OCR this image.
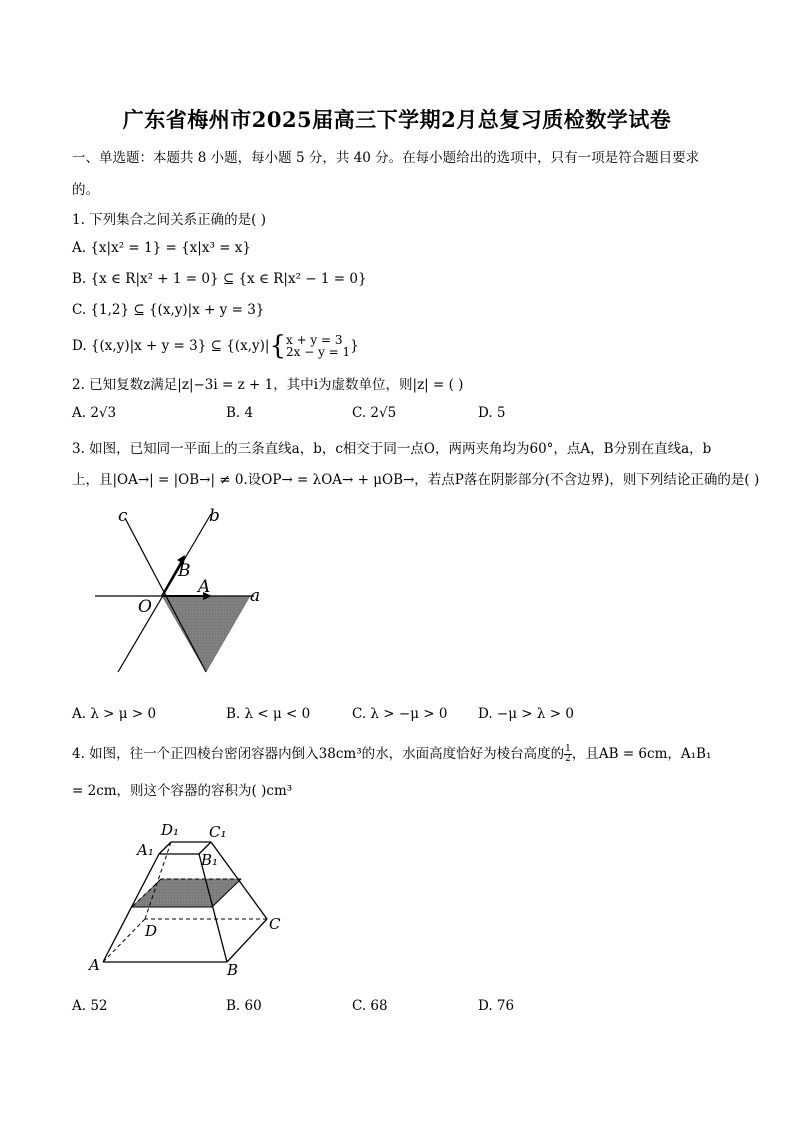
广东省梅州市2025届高三下学期2月总复习质检数学试卷
一、单选题：本题共 8 小题，每小题 5 分，共 40 分。在每小题给出的选项中，只有一项是符合题目要求
的。
1. 下列集合之间关系正确的是( )
A. {x|x² = 1} = {x|x³ = x}
B. {x ∈ R|x² + 1 = 0} ⊆ {x ∈ R|x² − 1 = 0}
C. {1,2} ⊆ {(x,y)|x + y = 3}
D. {(x,y)|x + y = 3} ⊆ {(x,y)|{ x + y = 3
2x − y = 1 }
2. 已知复数z满足|z|−3i = z + 1，其中i为虚数单位，则|z| = ( )
A. 2√3	B. 4	C. 2√5	D. 5
3. 如图，已知同一平面上的三条直线a，b，c相交于同一点O，两两夹角均为60°，点A，B分别在直线a，b
上，且|OA→| = |OB→| ≠ 0.设OP→ = λOA→ + μOB→，若点P落在阴影部分(不含边界)，则下列结论正确的是( )
c	b
B
A
O
a
A. λ > μ > 0	B. λ < μ < 0	C. λ > −μ > 0 D. −μ > λ > 0
4. 如图，往一个正四棱台密闭容器内倒入38cm³的水，水面高度恰好为棱台高度的 $\frac{1}{2}$ ，且AB = 6cm，A₁B₁
= 2cm，则这个容器的容积为( )cm³
D₁ C₁
A₁
B₁
D	C
A	B
A. 52	B. 60	C. 68	D. 76
